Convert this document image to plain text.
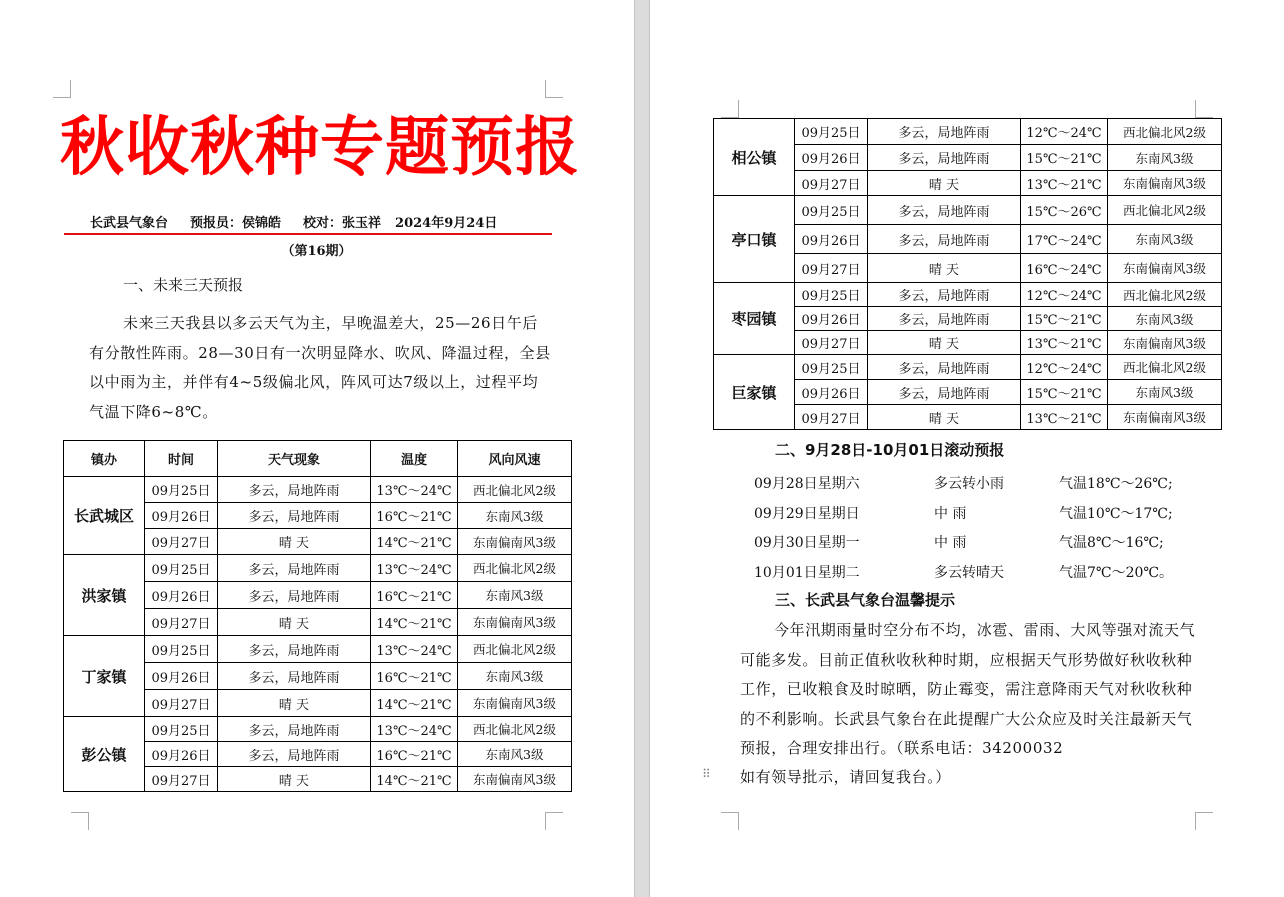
秋收秋种专题预报
长武县气象台 预报员：侯锦皓 校对：张玉祥 2024年9月24日
（第16期）
一、未来三天预报
未来三天我县以多云天气为主，早晚温差大，25—26日午后有分散性阵雨。28—30日有一次明显降水、吹风、降温过程，全县以中雨为主，并伴有4~5级偏北风，阵风可达7级以上，过程平均气温下降6~8℃。
镇办	时间	天气现象	温度	风向风速
长武城区	09月25日	多云，局地阵雨	13℃～24℃	西北偏北风2级
	09月26日	多云，局地阵雨	16℃～21℃	东南风3级
	09月27日	晴 天	14℃～21℃	东南偏南风3级
洪家镇	09月25日	多云，局地阵雨	13℃～24℃	西北偏北风2级
	09月26日	多云，局地阵雨	16℃～21℃	东南风3级
	09月27日	晴 天	14℃～21℃	东南偏南风3级
丁家镇	09月25日	多云，局地阵雨	13℃～24℃	西北偏北风2级
	09月26日	多云，局地阵雨	16℃～21℃	东南风3级
	09月27日	晴 天	14℃～21℃	东南偏南风3级
彭公镇	09月25日	多云，局地阵雨	13℃～24℃	西北偏北风2级
	09月26日	多云，局地阵雨	16℃～21℃	东南风3级
	09月27日	晴 天	14℃～21℃	东南偏南风3级
相公镇	09月25日	多云，局地阵雨	12℃～24℃	西北偏北风2级
	09月26日	多云，局地阵雨	15℃～21℃	东南风3级
	09月27日	晴 天	13℃～21℃	东南偏南风3级
亭口镇	09月25日	多云，局地阵雨	15℃～26℃	西北偏北风2级
	09月26日	多云，局地阵雨	17℃～24℃	东南风3级
	09月27日	晴 天	16℃～24℃	东南偏南风3级
枣园镇	09月25日	多云，局地阵雨	12℃～24℃	西北偏北风2级
	09月26日	多云，局地阵雨	15℃～21℃	东南风3级
	09月27日	晴 天	13℃～21℃	东南偏南风3级
巨家镇	09月25日	多云，局地阵雨	12℃～24℃	西北偏北风2级
	09月26日	多云，局地阵雨	15℃～21℃	东南风3级
	09月27日	晴 天	13℃～21℃	东南偏南风3级
二、9月28日-10月01日滚动预报
09月28日星期六	多云转小雨	气温18℃～26℃;
09月29日星期日	中 雨	气温10℃～17℃;
09月30日星期一	中 雨	气温8℃～16℃;
10月01日星期二	多云转晴天	气温7℃～20℃。
三、长武县气象台温馨提示
今年汛期雨量时空分布不均，冰雹、雷雨、大风等强对流天气可能多发。目前正值秋收秋种时期，应根据天气形势做好秋收秋种工作，已收粮食及时晾晒，防止霉变，需注意降雨天气对秋收秋种的不利影响。长武县气象台在此提醒广大公众应及时关注最新天气预报，合理安排出行。（联系电话：34200032
⠿ 如有领导批示，请回复我台。）
